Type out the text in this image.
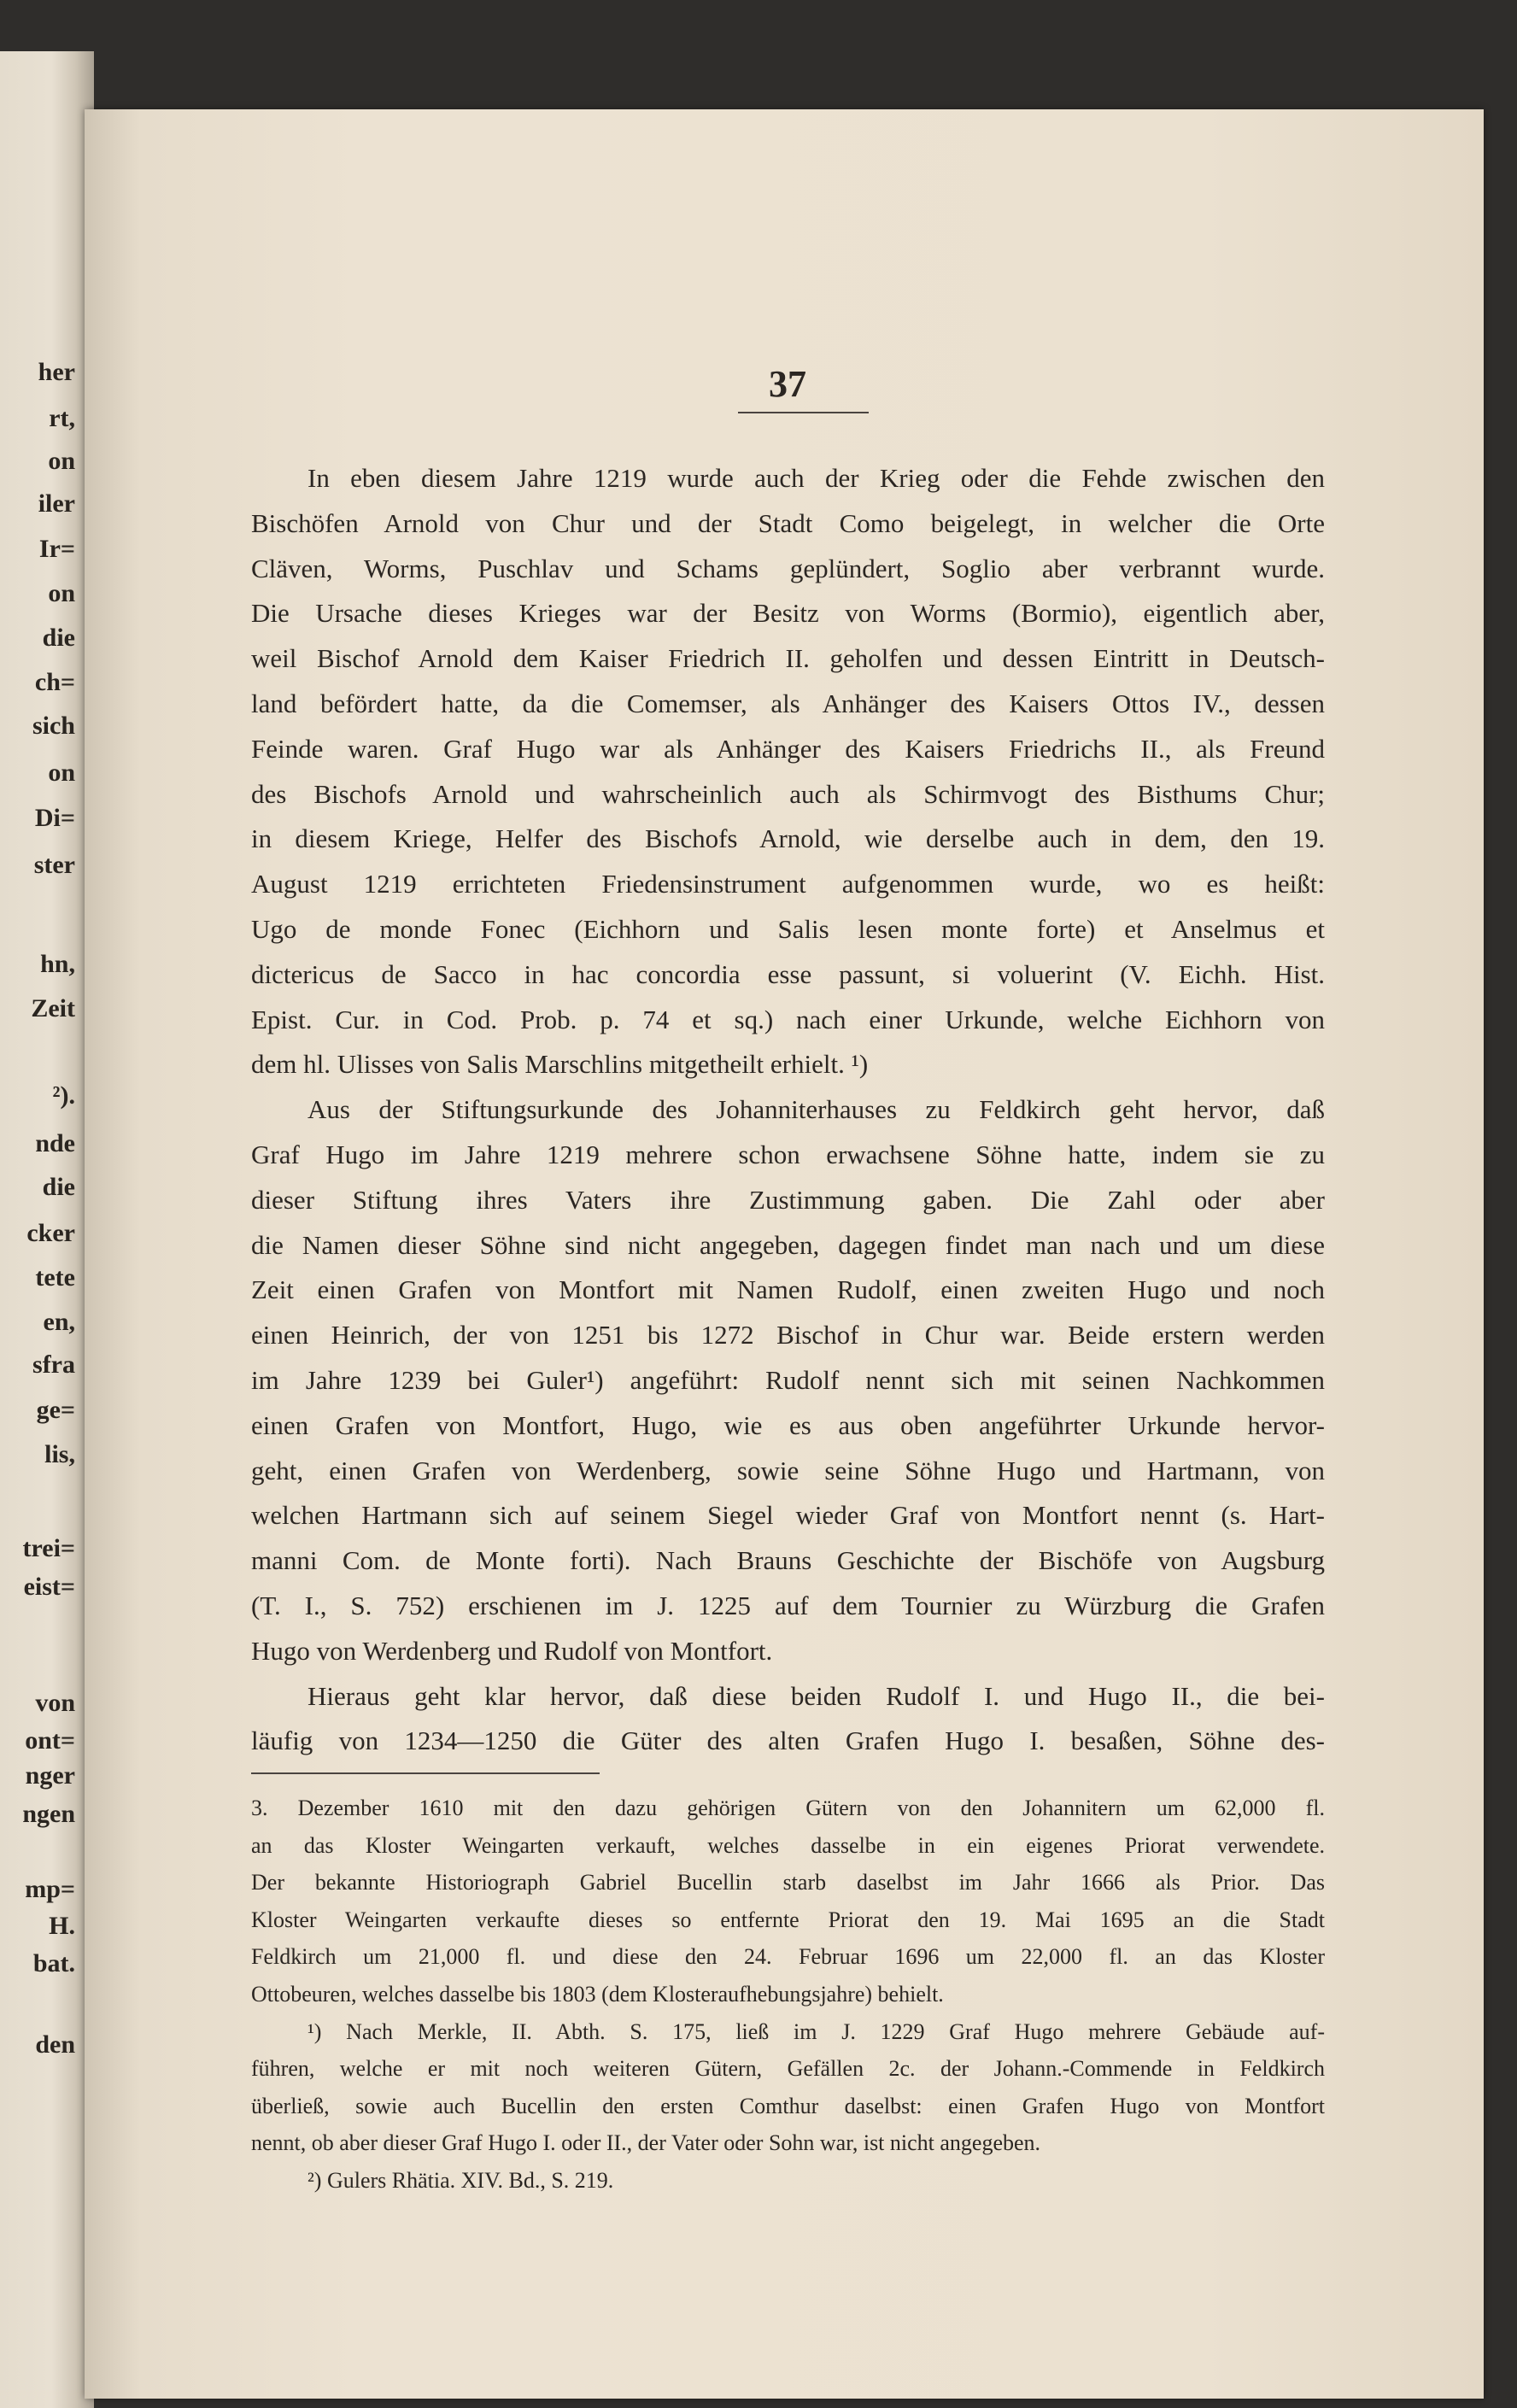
her
rt,
on
iler
Ir=
on
die
ch=
sich
on
Di=
ster
hn,
Zeit
²).
nde
die
cker
tete
en,
sfra
ge=
lis,
trei=
eist=
von
ont=
nger
ngen
mp=
H.
bat.
den
37
In eben diesem Jahre 1219 wurde auch der Krieg oder die Fehde zwischen den
Bischöfen Arnold von Chur und der Stadt Como beigelegt, in welcher die Orte
Cläven, Worms, Puschlav und Schams geplündert, Soglio aber verbrannt wurde.
Die Ursache dieses Krieges war der Besitz von Worms (Bormio), eigentlich aber,
weil Bischof Arnold dem Kaiser Friedrich II. geholfen und dessen Eintritt in Deutsch-
land befördert hatte, da die Comemser, als Anhänger des Kaisers Ottos IV., dessen
Feinde waren. Graf Hugo war als Anhänger des Kaisers Friedrichs II., als Freund
des Bischofs Arnold und wahrscheinlich auch als Schirmvogt des Bisthums Chur;
in diesem Kriege, Helfer des Bischofs Arnold, wie derselbe auch in dem, den 19.
August 1219 errichteten Friedensinstrument aufgenommen wurde, wo es heißt:
Ugo de monde Fonec (Eichhorn und Salis lesen monte forte) et Anselmus et
dictericus de Sacco in hac concordia esse passunt, si voluerint (V. Eichh. Hist.
Epist. Cur. in Cod. Prob. p. 74 et sq.) nach einer Urkunde, welche Eichhorn von
dem hl. Ulisses von Salis Marschlins mitgetheilt erhielt. ¹)
Aus der Stiftungsurkunde des Johanniterhauses zu Feldkirch geht hervor, daß
Graf Hugo im Jahre 1219 mehrere schon erwachsene Söhne hatte, indem sie zu
dieser Stiftung ihres Vaters ihre Zustimmung gaben. Die Zahl oder aber
die Namen dieser Söhne sind nicht angegeben, dagegen findet man nach und um diese
Zeit einen Grafen von Montfort mit Namen Rudolf, einen zweiten Hugo und noch
einen Heinrich, der von 1251 bis 1272 Bischof in Chur war. Beide erstern werden
im Jahre 1239 bei Guler¹) angeführt: Rudolf nennt sich mit seinen Nachkommen
einen Grafen von Montfort, Hugo, wie es aus oben angeführter Urkunde hervor-
geht, einen Grafen von Werdenberg, sowie seine Söhne Hugo und Hartmann, von
welchen Hartmann sich auf seinem Siegel wieder Graf von Montfort nennt (s. Hart-
manni Com. de Monte forti). Nach Brauns Geschichte der Bischöfe von Augsburg
(T. I., S. 752) erschienen im J. 1225 auf dem Tournier zu Würzburg die Grafen
Hugo von Werdenberg und Rudolf von Montfort.
Hieraus geht klar hervor, daß diese beiden Rudolf I. und Hugo II., die bei-
läufig von 1234—1250 die Güter des alten Grafen Hugo I. besaßen, Söhne des-
3. Dezember 1610 mit den dazu gehörigen Gütern von den Johannitern um 62,000 fl.
an das Kloster Weingarten verkauft, welches dasselbe in ein eigenes Priorat verwendete.
Der bekannte Historiograph Gabriel Bucellin starb daselbst im Jahr 1666 als Prior. Das
Kloster Weingarten verkaufte dieses so entfernte Priorat den 19. Mai 1695 an die Stadt
Feldkirch um 21,000 fl. und diese den 24. Februar 1696 um 22,000 fl. an das Kloster
Ottobeuren, welches dasselbe bis 1803 (dem Klosteraufhebungsjahre) behielt.
¹) Nach Merkle, II. Abth. S. 175, ließ im J. 1229 Graf Hugo mehrere Gebäude auf-
führen, welche er mit noch weiteren Gütern, Gefällen 2c. der Johann.-Commende in Feldkirch
überließ, sowie auch Bucellin den ersten Comthur daselbst: einen Grafen Hugo von Montfort
nennt, ob aber dieser Graf Hugo I. oder II., der Vater oder Sohn war, ist nicht angegeben.
²) Gulers Rhätia. XIV. Bd., S. 219.
